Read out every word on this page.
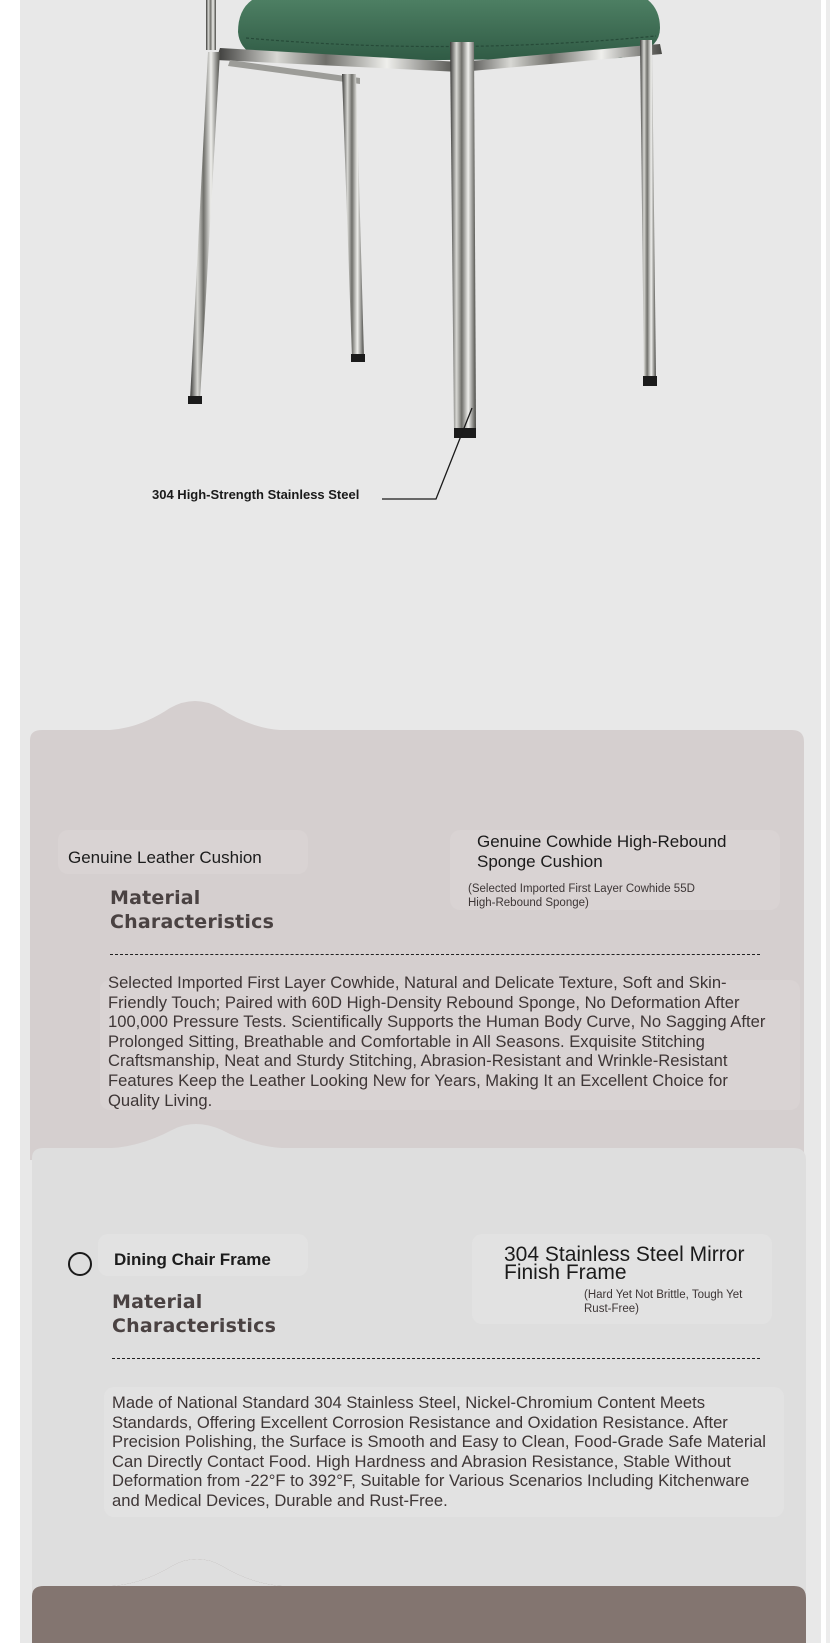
304 High-Strength Stainless Steel
Genuine Leather Cushion
Material
Characteristics
Genuine Cowhide High-Rebound
Sponge Cushion
(Selected Imported First Layer Cowhide 55D
High-Rebound Sponge)
Selected Imported First Layer Cowhide, Natural and Delicate Texture, Soft and Skin-Friendly Touch; Paired with 60D High-Density Rebound Sponge, No Deformation After 100,000 Pressure Tests. Scientifically Supports the Human Body Curve, No Sagging After Prolonged Sitting, Breathable and Comfortable in All Seasons. Exquisite Stitching Craftsmanship, Neat and Sturdy Stitching, Abrasion-Resistant and Wrinkle-Resistant Features Keep the Leather Looking New for Years, Making It an Excellent Choice for Quality Living.
Dining Chair Frame
Material
Characteristics
304 Stainless Steel Mirror
Finish Frame
(Hard Yet Not Brittle, Tough Yet
Rust-Free)
Made of National Standard 304 Stainless Steel, Nickel-Chromium Content Meets Standards, Offering Excellent Corrosion Resistance and Oxidation Resistance. After Precision Polishing, the Surface is Smooth and Easy to Clean, Food-Grade Safe Material Can Directly Contact Food. High Hardness and Abrasion Resistance, Stable Without Deformation from -22°F to 392°F, Suitable for Various Scenarios Including Kitchenware and Medical Devices, Durable and Rust-Free.
